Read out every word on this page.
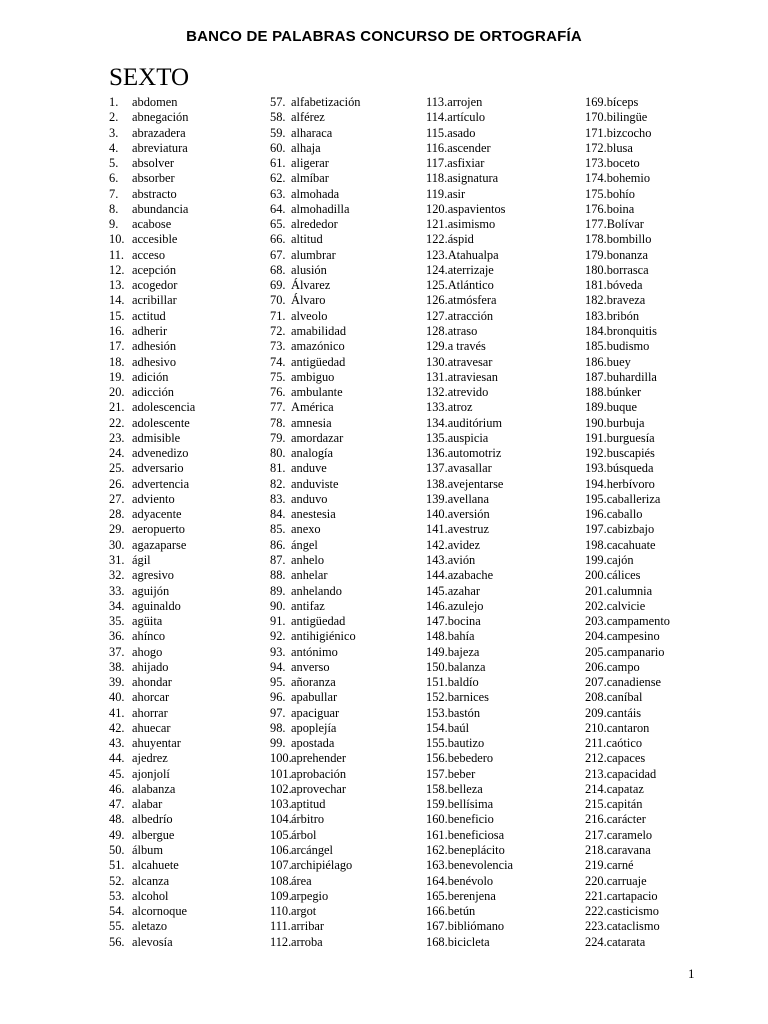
BANCO DE PALABRAS CONCURSO DE ORTOGRAFÍA
SEXTO
1.	abdomen
2.	abnegación
3.	abrazadera
4.	abreviatura
5.	absolver
6.	absorber
7.	abstracto
8.	abundancia
9.	acabose
10. accesible
11. acceso
12. acepción
13. acogedor
14. acribillar
15. actitud
16. adherir
17. adhesión
18. adhesivo
19. adición
20. adicción
21. adolescencia
22. adolescente
23. admisible
24. advenedizo
25. adversario
26. advertencia
27. adviento
28. adyacente
29. aeropuerto
30. agazaparse
31. ágil
32. agresivo
33. aguijón
34. aguinaldo
35. agüita
36. ahínco
37. ahogo
38. ahijado
39. ahondar
40. ahorcar
41. ahorrar
42. ahuecar
43. ahuyentar
44. ajedrez
45. ajonjolí
46. alabanza
47. alabar
48. albedrío
49. albergue
50. álbum
51. alcahuete
52. alcanza
53. alcohol
54. alcornoque
55. aletazo
56. alevosía
57. alfabetización
58. alférez
59. alharaca
60. alhaja
61. aligerar
62. almíbar
63. almohada
64. almohadilla
65. alrededor
66. altitud
67. alumbrar
68. alusión
69. Álvarez
70. Álvaro
71. alveolo
72. amabilidad
73. amazónico
74. antigüedad
75. ambiguo
76. ambulante
77. América
78. amnesia
79. amordazar
80. analogía
81. anduve
82. anduviste
83. anduvo
84. anestesia
85. anexo
86. ángel
87. anhelo
88. anhelar
89. anhelando
90. antifaz
91. antigüedad
92. antihigiénico
93. antónimo
94. anverso
95. añoranza
96. apabullar
97. apaciguar
98. apoplejía
99. apostada
100. aprehender
101. aprobación
102. aprovechar
103. aptitud
104. árbitro
105. árbol
106. arcángel
107. archipiélago
108. área
109. arpegio
110. argot
111. arribar
112. arroba
113. arrojen
114. artículo
115. asado
116. ascender
117. asfixiar
118. asignatura
119. asir
120. aspavientos
121. asimismo
122. áspid
123. Atahualpa
124. aterrizaje
125. Atlántico
126. atmósfera
127. atracción
128. atraso
129. a través
130. atravesar
131. atraviesan
132. atrevido
133. atroz
134. auditórium
135. auspicia
136. automotriz
137. avasallar
138. avejentarse
139. avellana
140. aversión
141. avestruz
142. avidez
143. avión
144. azabache
145. azahar
146. azulejo
147. bocina
148. bahía
149. bajeza
150. balanza
151. baldío
152. barnices
153. bastón
154. baúl
155. bautizo
156. bebedero
157. beber
158. belleza
159. bellísima
160. beneficio
161. beneficiosa
162. beneplácito
163. benevolencia
164. benévolo
165. berenjena
166. betún
167. bibliómano
168. bicicleta
169. bíceps
170. bilingüe
171. bizcocho
172. blusa
173. boceto
174. bohemio
175. bohío
176. boina
177. Bolívar
178. bombillo
179. bonanza
180. borrasca
181. bóveda
182. braveza
183. bribón
184. bronquitis
185. budismo
186. buey
187. buhardilla
188. búnker
189. buque
190. burbuja
191. burguesía
192. buscapiés
193. búsqueda
194. herbívoro
195. caballeriza
196. caballo
197. cabizbajo
198. cacahuate
199. cajón
200. cálices
201. calumnia
202. calvicie
203. campamento
204. campesino
205. campanario
206. campo
207. canadiense
208. caníbal
209. cantáis
210. cantaron
211. caótico
212. capaces
213. capacidad
214. capataz
215. capitán
216. carácter
217. caramelo
218. caravana
219. carné
220. carruaje
221. cartapacio
222. casticismo
223. cataclismo
224. catarata
1
